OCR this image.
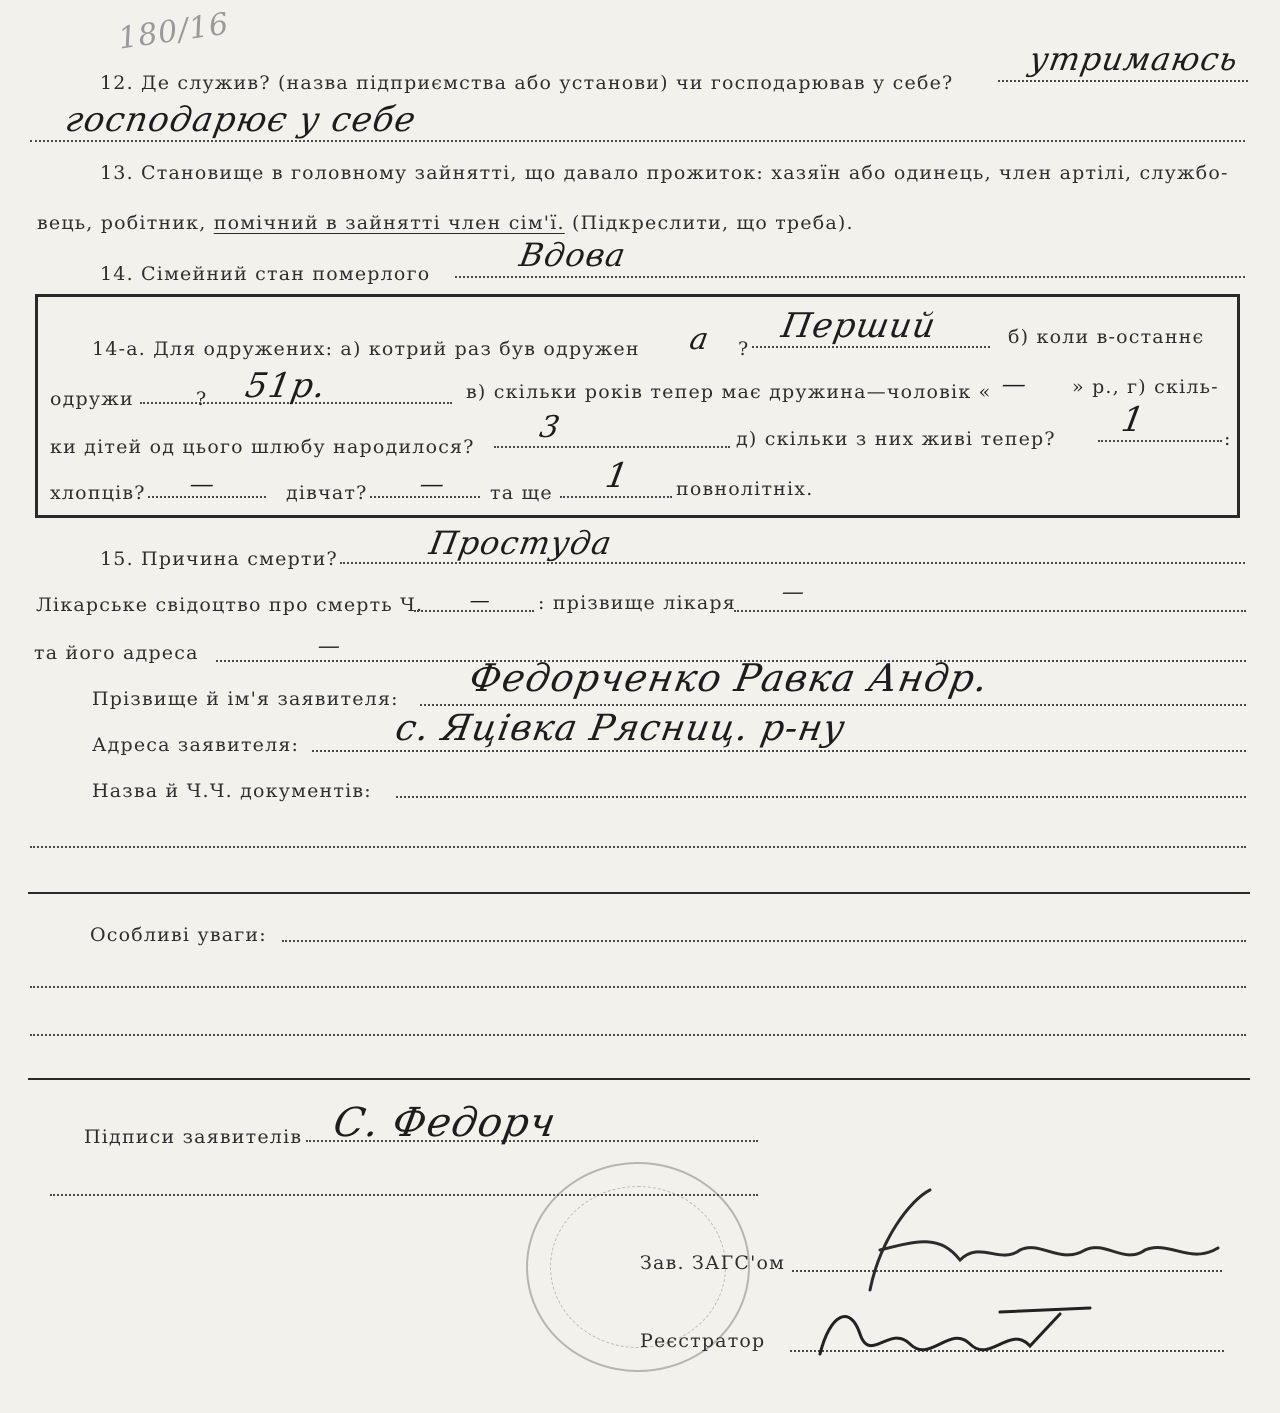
180/16
12. Де служив? (назва підприємства або установи) чи господарював у себе?
утримаюсь
господарює у себе
13. Становище в головному зайнятті, що давало прожиток: хазяїн або одинець, член артілі, службо-
вець, робітник, помічний в зайнятті член сім'ї. (Підкреслити, що треба).
14. Сімейний стан померлого	Вдова
14-а. Для одружених: а) котрий раз був одружен а ?
Перший	б) коли в-останнє
одружи	? 51р.	в) скільки років тепер має дружина—чоловік « — » р., г) скіль-
ки дітей од цього шлюбу народилося?
3	д) скільки з них живі тепер? 1	:
хлопців? —	дівчат? — та ще 1 повнолітніх.
15. Причина смерти?	Простуда
Лікарське свідоцтво про смерть Ч. — : прізвище лікаря —
та його адреса	—
Прізвище й ім'я заявителя: Федорченко Равка Андр.
Адреса заявителя:	с. Яцівка Рясниц. р-ну
Назва й Ч.Ч. документів:
Особливі уваги:
Підписи заявителів С. Федорч
Зав. ЗАГС'ом
Реєстратор
